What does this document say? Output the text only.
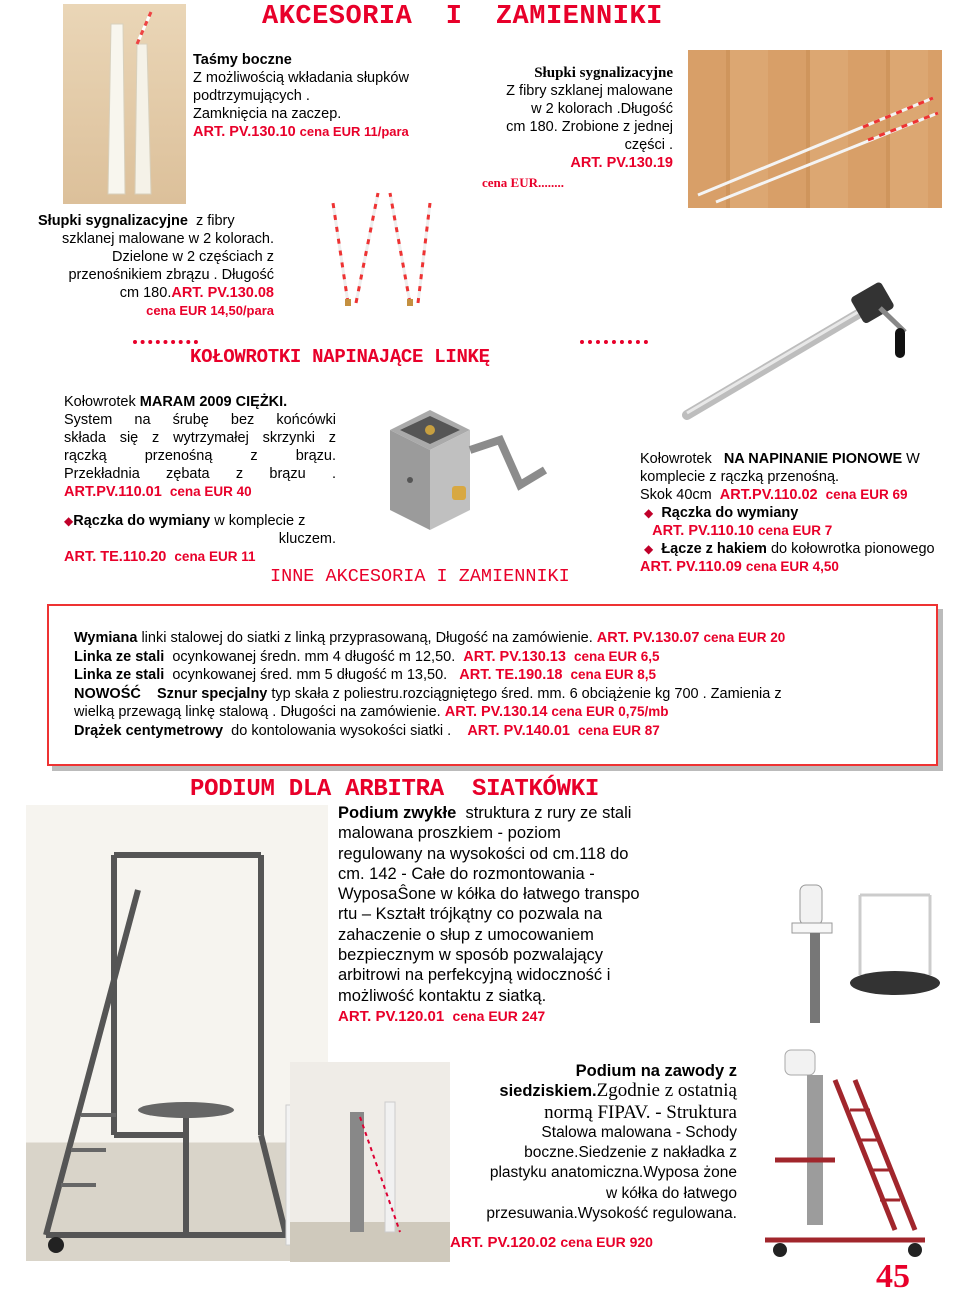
AKCESORIA  I  ZAMIENNIKI
Taśmy boczne
Z możliwością wkładania słupków
podtrzymujących .
Zamknięcia na zaczep.
ART. PV.130.10 cena EUR 11/para
Słupki sygnalizacyjne
Z fibry szklanej malowane
w 2 kolorach .Długość
cm 180. Zrobione z jednej
części .
ART. PV.130.19
cena EUR........
Słupki sygnalizacyjne z fibry
szklanej malowane w 2 kolorach.
Dzielone w 2 częściach z
przenośnikiem zbrązu . Długość
cm 180.ART. PV.130.08
cena EUR 14,50/para
KOŁOWROTKI NAPINAJĄCE LINKĘ
Kołowrotek MARAM 2009 CIĘŻKI.
System na śrubę bez końcówki
składa się z wytrzymałej skrzynki z
rączką przenośną z brązu.
Przekładnia zębata z brązu .
ART.PV.110.01 cena EUR 40
◆Rączka do wymiany w komplecie z
kluczem.
ART. TE.110.20 cena EUR 11
Kołowrotek NA NAPINANIE PIONOWE W
komplecie z rączką przenośną.
Skok 40cm ART.PV.110.02 cena EUR 69
◆ Rączka do wymiany
ART. PV.110.10 cena EUR 7
◆ Łącze z hakiem do kołowrotka pionowego
ART. PV.110.09 cena EUR 4,50
INNE AKCESORIA I ZAMIENNIKI
Wymiana linki stalowej do siatki z linką przyprasowaną, Długość na zamówienie. ART. PV.130.07 cena EUR 20
Linka ze stali ocynkowanej średn. mm 4 długość m 12,50. ART. PV.130.13 cena EUR 6,5
Linka ze stali ocynkowanej śred. mm 5 długość m 13,50. ART. TE.190.18 cena EUR 8,5
NOWOŚĆ    Sznur specjalny typ skała z poliestru.rozciągniętego śred. mm. 6 obciążenie kg 700 . Zamienia z
wielką przewagą linkę stalową . Długości na zamówienie. ART. PV.130.14 cena EUR 0,75/mb
Drążek centymetrowy do kontolowania wysokości siatki . ART. PV.140.01 cena EUR 87
PODIUM DLA ARBITRA  SIATKÓWKI
Podium zwykłe struktura z rury ze stali
malowana proszkiem - poziom
regulowany na wysokości od cm.118 do
cm. 142 - Całe do rozmontowania -
WyposaŜone w kółka do łatwego transpo
rtu – Kształt trójkątny co pozwala na
zahaczenie o słup z umocowaniem
bezpiecznym w sposób pozwalający
arbitrowi na perfekcyjną widoczność i
możliwość kontaktu z siatką.
ART. PV.120.01 cena EUR 247
Podium na zawody z
siedziskiem.Zgodnie z ostatnią
normą FIPAV. - Struktura
Stalowa malowana - Schody
boczne.Siedzenie z nakładka z
plastyku anatomiczna.Wyposa żone
w kółka do łatwego
przesuwania.Wysokość regulowana.
ART. PV.120.02 cena EUR 920
45
